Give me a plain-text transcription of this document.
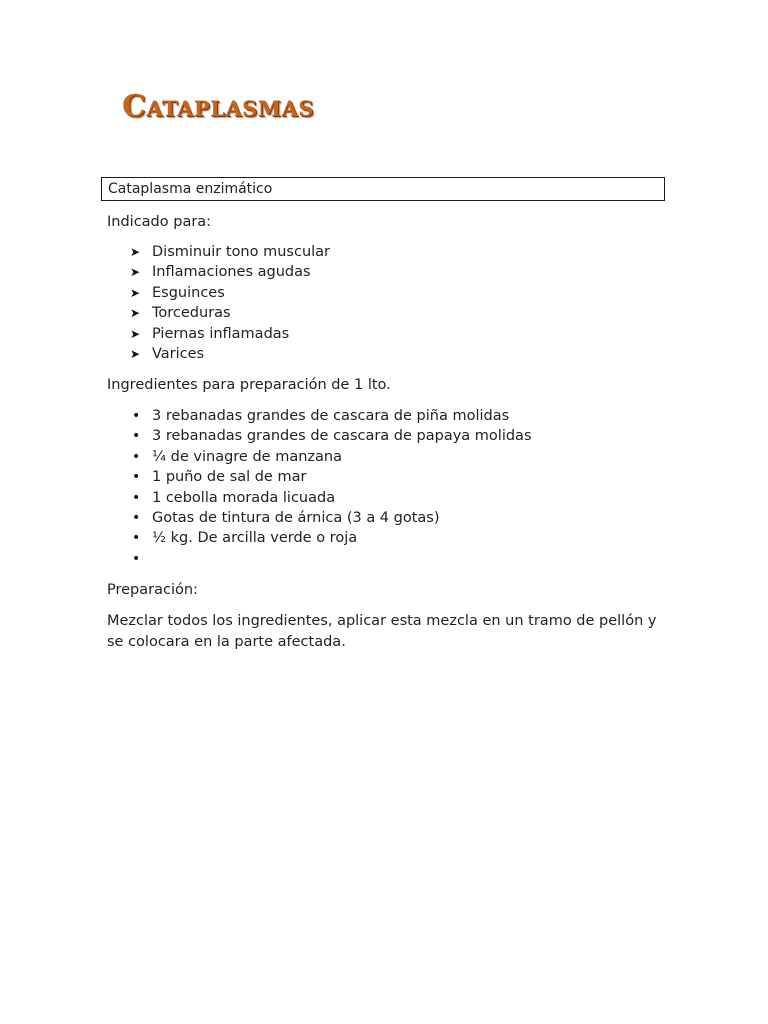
Cataplasmas
Cataplasma enzimático

Indicado para:

➤ Disminuir tono muscular
➤ Inflamaciones agudas
➤ Esguinces
➤ Torceduras
➤ Piernas inflamadas
➤ Varices

Ingredientes para preparación de 1 lto.

• 3 rebanadas grandes de cascara de piña molidas
• 3 rebanadas grandes de cascara de papaya molidas
• ¼ de vinagre de manzana
• 1 puño de sal de mar
• 1 cebolla morada licuada
• Gotas de tintura de árnica (3 a 4 gotas)
• ½ kg. De arcilla verde o roja
•

Preparación:

Mezclar todos los ingredientes, aplicar esta mezcla en un tramo de pellón y se colocara en la parte afectada.
